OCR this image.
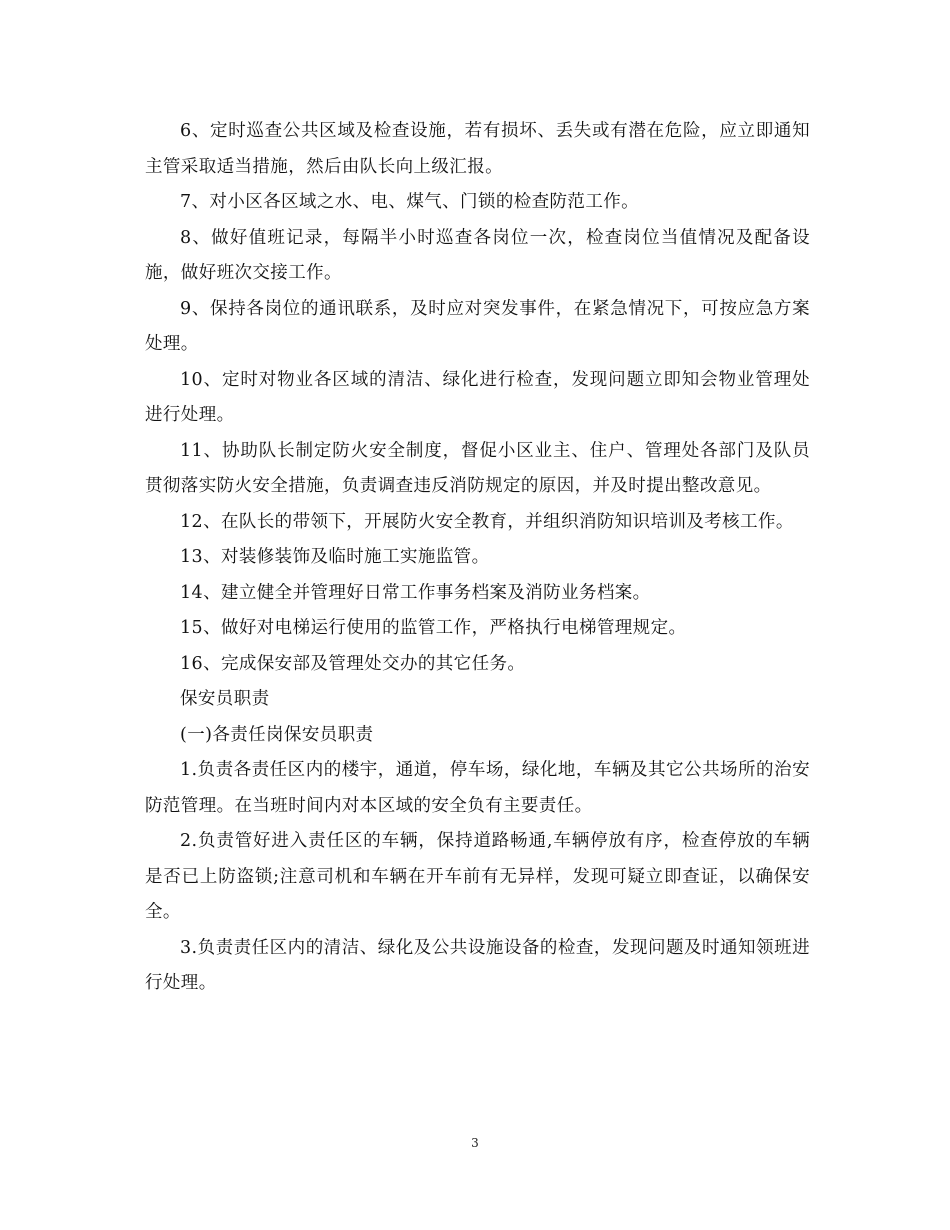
6、定时巡查公共区域及检查设施，若有损坏、丢失或有潜在危险，应立即通知主管采取适当措施，然后由队长向上级汇报。

7、对小区各区域之水、电、煤气、门锁的检查防范工作。

8、做好值班记录，每隔半小时巡查各岗位一次，检查岗位当值情况及配备设施，做好班次交接工作。

9、保持各岗位的通讯联系，及时应对突发事件，在紧急情况下，可按应急方案处理。

10、定时对物业各区域的清洁、绿化进行检查，发现问题立即知会物业管理处进行处理。

11、协助队长制定防火安全制度，督促小区业主、住户、管理处各部门及队员贯彻落实防火安全措施，负责调查违反消防规定的原因，并及时提出整改意见。

12、在队长的带领下，开展防火安全教育，并组织消防知识培训及考核工作。

13、对装修装饰及临时施工实施监管。

14、建立健全并管理好日常工作事务档案及消防业务档案。

15、做好对电梯运行使用的监管工作，严格执行电梯管理规定。

16、完成保安部及管理处交办的其它任务。

保安员职责

(一)各责任岗保安员职责

1.负责各责任区内的楼宇，通道，停车场，绿化地，车辆及其它公共场所的治安防范管理。在当班时间内对本区域的安全负有主要责任。

2.负责管好进入责任区的车辆，保持道路畅通,车辆停放有序，检查停放的车辆是否已上防盗锁;注意司机和车辆在开车前有无异样，发现可疑立即查证，以确保安全。

3.负责责任区内的清洁、绿化及公共设施设备的检查，发现问题及时通知领班进行处理。

3
